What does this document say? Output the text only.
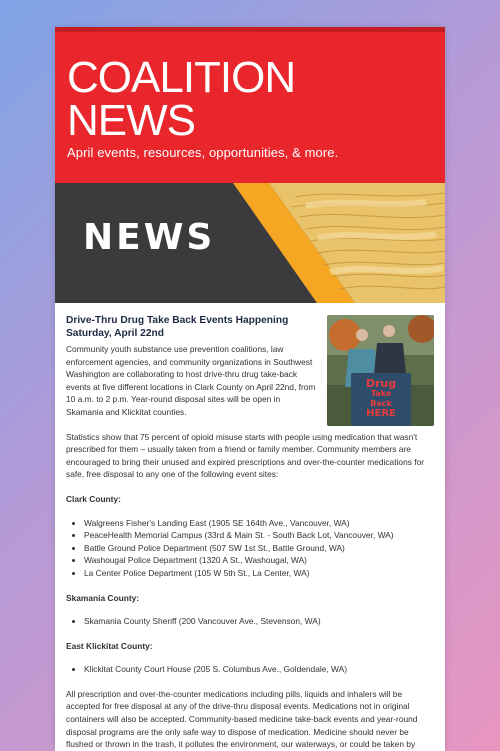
COALITION
NEWS
April events, resources, opportunities, & more.
NEWS
Drug
Take
Back
HERE
Drive-Thru Drug Take Back Events Happening Saturday, April 22nd

Community youth substance use prevention coalitions, law enforcement agencies, and community organizations in Southwest Washington are collaborating to host drive-thru drug take-back events at five different locations in Clark County on April 22nd, from 10 a.m. to 2 p.m. Year-round disposal sites will be open in Skamania and Klickitat counties.

Statistics show that 75 percent of opioid misuse starts with people using medication that wasn't prescribed for them – usually taken from a friend or family member. Community members are encouraged to bring their unused and expired prescriptions and over-the-counter medications for safe, free disposal to any one of the following event sites:

Clark County:
• Walgreens Fisher's Landing East (1905 SE 164th Ave., Vancouver, WA)
• PeaceHealth Memorial Campus (33rd & Main St. - South Back Lot, Vancouver, WA)
• Battle Ground Police Department (507 SW 1st St., Battle Ground, WA)
• Washougal Police Department (1320 A St., Washougal, WA)
• La Center Police Department (105 W 5th St., La Center, WA)
Skamania County:
• Skamania County Sheriff (200 Vancouver Ave., Stevenson, WA)
East Klickitat County:
• Klickitat County Court House (205 S. Columbus Ave., Goldendale, WA)

All prescription and over-the-counter medications including pills, liquids and inhalers will be accepted for free disposal at any of the drive-thru disposal events. Medications not in original containers will also be accepted. Community-based medicine take-back events and year-round disposal programs are the only safe way to dispose of medication. Medicine should never be flushed or thrown in the trash, it pollutes the environment, our waterways, or could be taken by
